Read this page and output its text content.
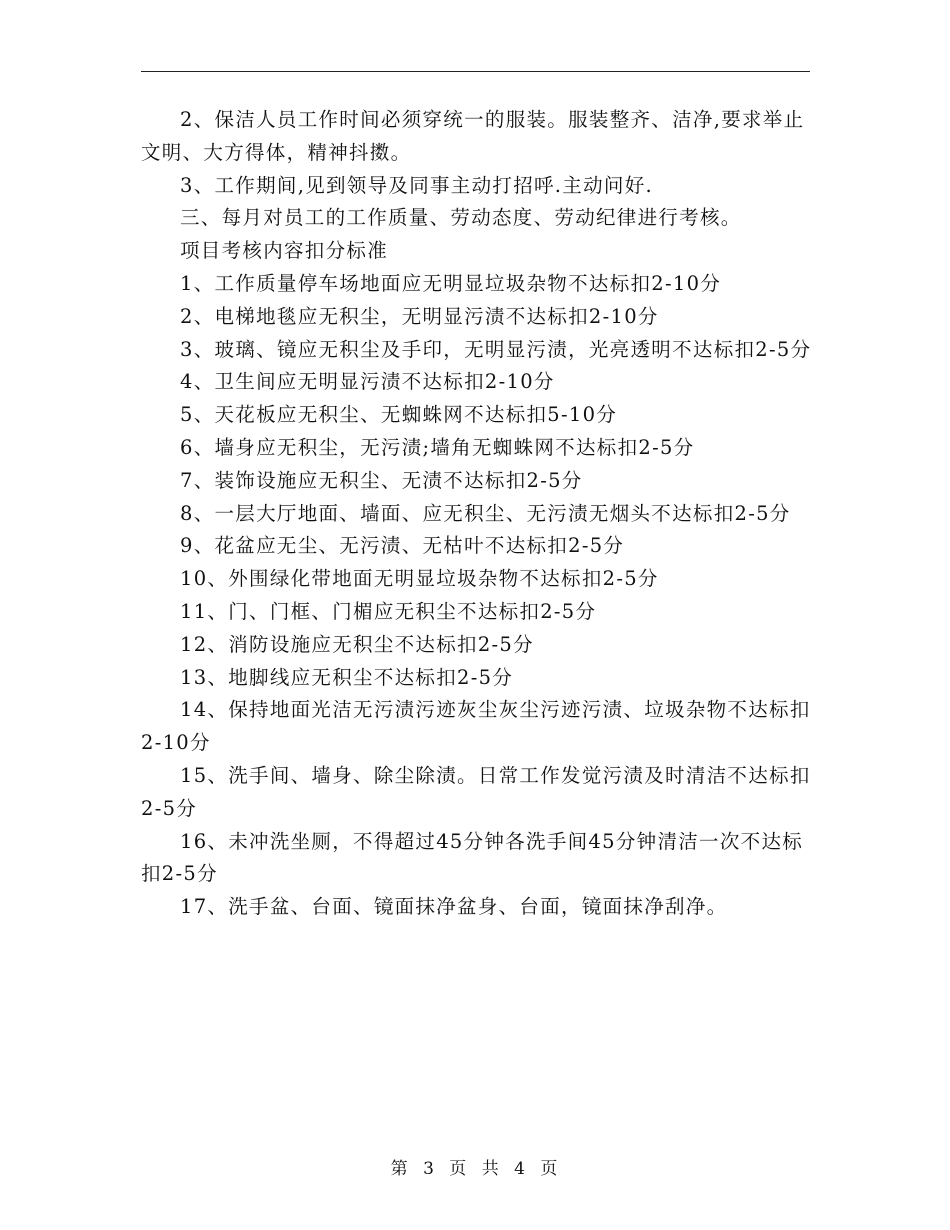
2、保洁人员工作时间必须穿统一的服装。服装整齐、洁净,要求举止文明、大方得体，精神抖擞。

3、工作期间,见到领导及同事主动打招呼.主动问好.

三、每月对员工的工作质量、劳动态度、劳动纪律进行考核。

项目考核内容扣分标准

1、工作质量停车场地面应无明显垃圾杂物不达标扣2-10分

2、电梯地毯应无积尘，无明显污渍不达标扣2-10分

3、玻璃、镜应无积尘及手印，无明显污渍，光亮透明不达标扣2-5分

4、卫生间应无明显污渍不达标扣2-10分

5、天花板应无积尘、无蜘蛛网不达标扣5-10分

6、墙身应无积尘，无污渍;墙角无蜘蛛网不达标扣2-5分

7、装饰设施应无积尘、无渍不达标扣2-5分

8、一层大厅地面、墙面、应无积尘、无污渍无烟头不达标扣2-5分

9、花盆应无尘、无污渍、无枯叶不达标扣2-5分

10、外围绿化带地面无明显垃圾杂物不达标扣2-5分

11、门、门框、门楣应无积尘不达标扣2-5分

12、消防设施应无积尘不达标扣2-5分

13、地脚线应无积尘不达标扣2-5分

14、保持地面光洁无污渍污迹灰尘灰尘污迹污渍、垃圾杂物不达标扣2-10分

15、洗手间、墙身、除尘除渍。日常工作发觉污渍及时清洁不达标扣2-5分

16、未冲洗坐厕，不得超过45分钟各洗手间45分钟清洁一次不达标扣2-5分

17、洗手盆、台面、镜面抹净盆身、台面，镜面抹净刮净。

第 3 页 共 4 页
